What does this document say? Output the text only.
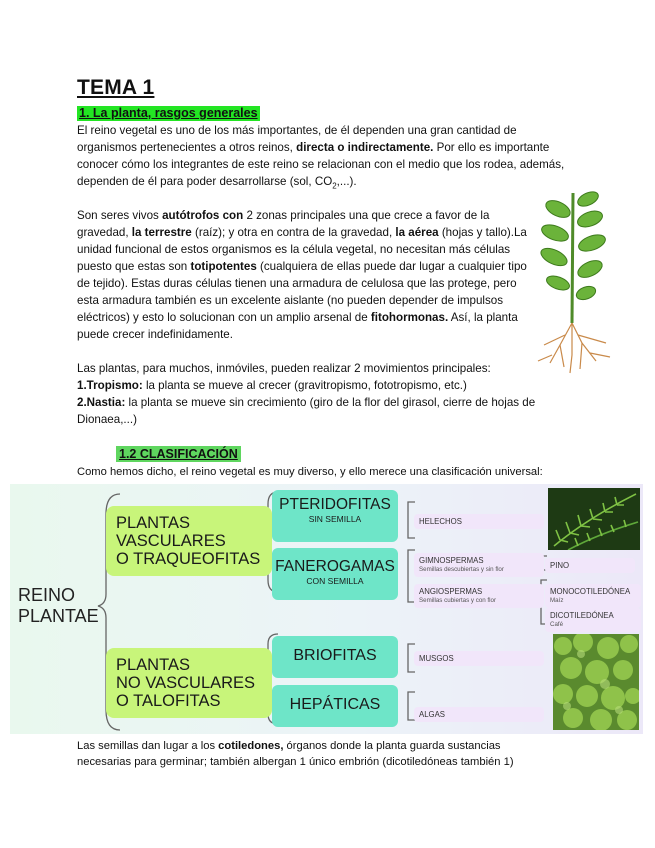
TEMA 1
1. La planta, rasgos generales
El reino vegetal es uno de los más importantes, de él dependen una gran cantidad de organismos pertenecientes a otros reinos, directa o indirectamente. Por ello es importante conocer cómo los integrantes de este reino se relacionan con el medio que los rodea, además, dependen de él para poder desarrollarse (sol, $CO_2$,...).
Son seres vivos autótrofos con 2 zonas principales una que crece a favor de la gravedad, la terrestre (raíz); y otra en contra de la gravedad, la aérea (hojas y tallo).La unidad funcional de estos organismos es la célula vegetal, no necesitan más células puesto que estas son totipotentes (cualquiera de ellas puede dar lugar a cualquier tipo de tejido). Estas duras células tienen una armadura de celulosa que las protege, pero esta armadura también es un excelente aislante (no pueden depender de impulsos eléctricos) y esto lo solucionan con un amplio arsenal de fitohormonas. Así, la planta puede crecer indefinidamente.
Las plantas, para muchos, inmóviles, pueden realizar 2 movimientos principales:
1.Tropismo: la planta se mueve al crecer (gravitropismo, fototropismo, etc.)
2.Nastia: la planta se mueve sin crecimiento (giro de la flor del girasol, cierre de hojas de Dionaea,...)
1.2 CLASIFICACIÓN
Como hemos dicho, el reino vegetal es muy diverso, y ello merece una clasificación universal:
REINO
PLANTAE
PLANTAS
VASCULARES
O TRAQUEOFITAS
PLANTAS
NO VASCULARES
O TALOFITAS
PTERIDOFITAS
SIN SEMILLA
FANEROGAMAS
CON SEMILLA
BRIOFITAS
HEPÁTICAS
HELECHOS
GIMNOSPERMAS
Semillas descubiertas y sin flor
ANGIOSPERMAS
Semillas cubiertas y con flor
PINO
MONOCOTILEDÓNEA
Maíz
DICOTILEDÓNEA
Café
MUSGOS
ALGAS
Las semillas dan lugar a los cotiledones, órganos donde la planta guarda sustancias necesarias para germinar; también albergan 1 único embrión (dicotiledóneas también 1)
